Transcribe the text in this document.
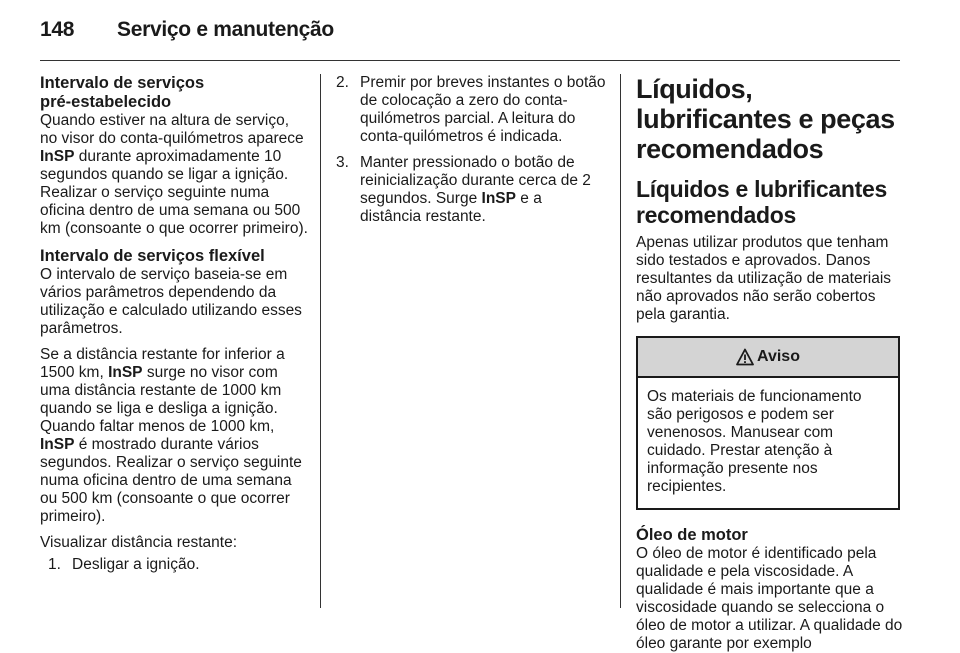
148 Serviço e manutenção
Intervalo de serviços
pré-estabelecido

Quando estiver na altura de serviço, no visor do conta-quilómetros aparece InSP durante aproximadamente 10 segundos quando se ligar a ignição. Realizar o serviço seguinte numa oficina dentro de uma semana ou 500 km (consoante o que ocorrer primeiro).

Intervalo de serviços flexível

O intervalo de serviço baseia-se em vários parâmetros dependendo da utilização e calculado utilizando esses parâmetros.

Se a distância restante for inferior a 1500 km, InSP surge no visor com uma distância restante de 1000 km quando se liga e desliga a ignição. Quando faltar menos de 1000 km, InSP é mostrado durante vários segundos. Realizar o serviço seguinte numa oficina dentro de uma semana ou 500 km (consoante o que ocorrer primeiro).

Visualizar distância restante:

1. Desligar a ignição.
2. Premir por breves instantes o botão de colocação a zero do conta-quilómetros parcial. A leitura do conta-quilómetros é indicada.
3. Manter pressionado o botão de reinicialização durante cerca de 2 segundos. Surge InSP e a distância restante.
Líquidos, lubrificantes e peças recomendados
Líquidos e lubrificantes recomendados

Apenas utilizar produtos que tenham sido testados e aprovados. Danos resultantes da utilização de materiais não aprovados não serão cobertos pela garantia.

Aviso
Os materiais de funcionamento são perigosos e podem ser venenosos. Manusear com cuidado. Prestar atenção à informação presente nos recipientes.
Óleo de motor

O óleo de motor é identificado pela qualidade e pela viscosidade. A qualidade é mais importante que a viscosidade quando se selecciona o óleo de motor a utilizar. A qualidade do óleo garante por exemplo
